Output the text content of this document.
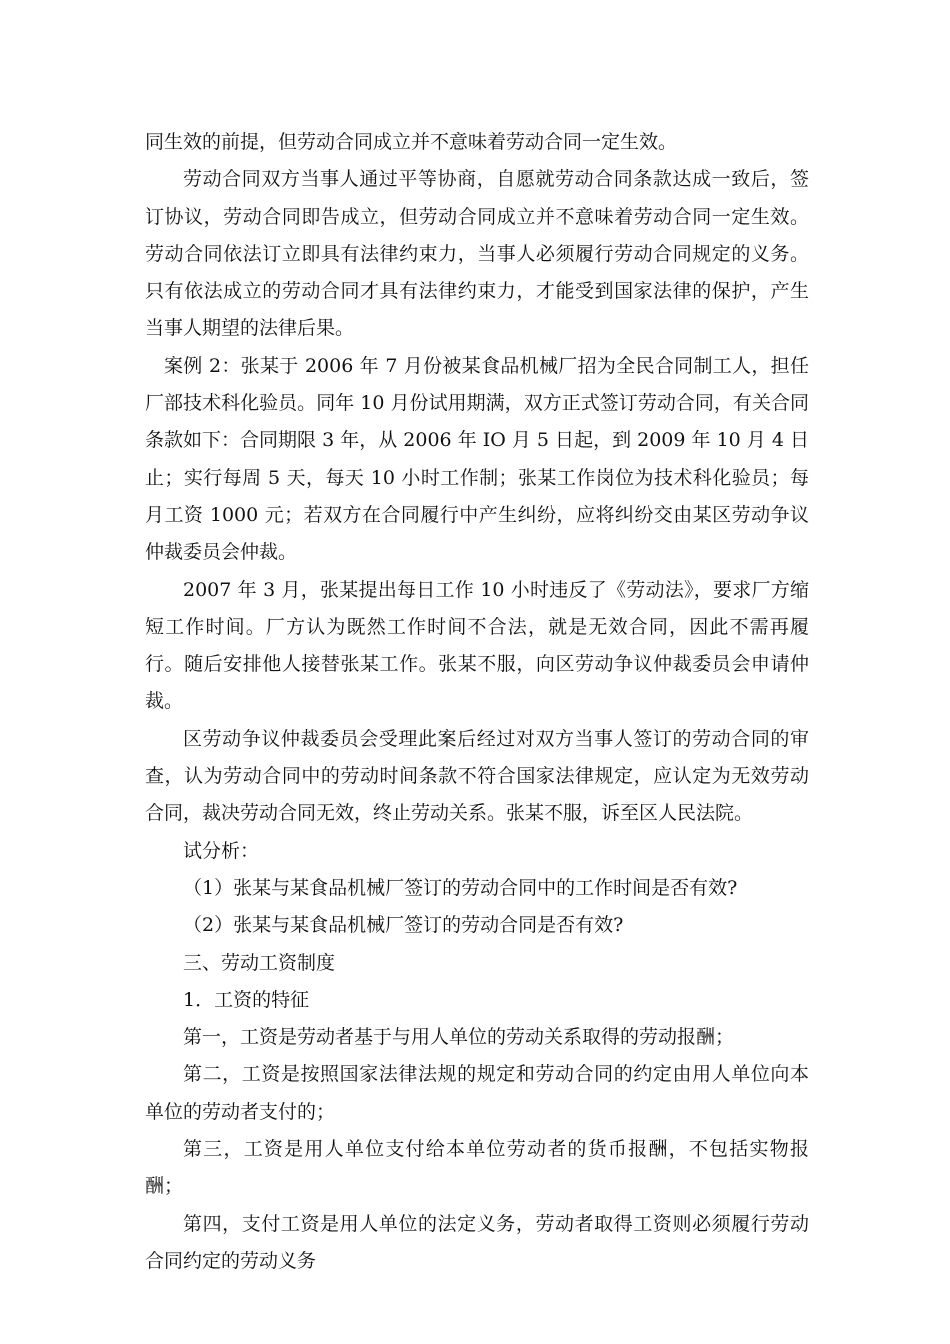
同生效的前提，但劳动合同成立并不意味着劳动合同一定生效。

劳动合同双方当事人通过平等协商，自愿就劳动合同条款达成一致后，签订协议，劳动合同即告成立，但劳动合同成立并不意味着劳动合同一定生效。劳动合同依法订立即具有法律约束力，当事人必须履行劳动合同规定的义务。只有依法成立的劳动合同才具有法律约束力，才能受到国家法律的保护，产生当事人期望的法律后果。

案例 2：张某于 2006 年 7 月份被某食品机械厂招为全民合同制工人，担任厂部技术科化验员。同年 10 月份试用期满，双方正式签订劳动合同，有关合同条款如下：合同期限 3 年，从 2006 年 IO 月 5 日起，到 2009 年 10 月 4 日止；实行每周 5 天，每天 10 小时工作制；张某工作岗位为技术科化验员；每月工资 1000 元；若双方在合同履行中产生纠纷，应将纠纷交由某区劳动争议仲裁委员会仲裁。

2007 年 3 月，张某提出每日工作 10 小时违反了《劳动法》，要求厂方缩短工作时间。厂方认为既然工作时间不合法，就是无效合同，因此不需再履行。随后安排他人接替张某工作。张某不服，向区劳动争议仲裁委员会申请仲裁。

区劳动争议仲裁委员会受理此案后经过对双方当事人签订的劳动合同的审查，认为劳动合同中的劳动时间条款不符合国家法律规定，应认定为无效劳动合同，裁决劳动合同无效，终止劳动关系。张某不服，诉至区人民法院。

试分析：

（1）张某与某食品机械厂签订的劳动合同中的工作时间是否有效?

（2）张某与某食品机械厂签订的劳动合同是否有效?

三、劳动工资制度

1．工资的特征

第一，工资是劳动者基于与用人单位的劳动关系取得的劳动报酬；

第二，工资是按照国家法律法规的规定和劳动合同的约定由用人单位向本单位的劳动者支付的；

第三，工资是用人单位支付给本单位劳动者的货币报酬，不包括实物报酬；

第四，支付工资是用人单位的法定义务，劳动者取得工资则必须履行劳动合同约定的劳动义务
